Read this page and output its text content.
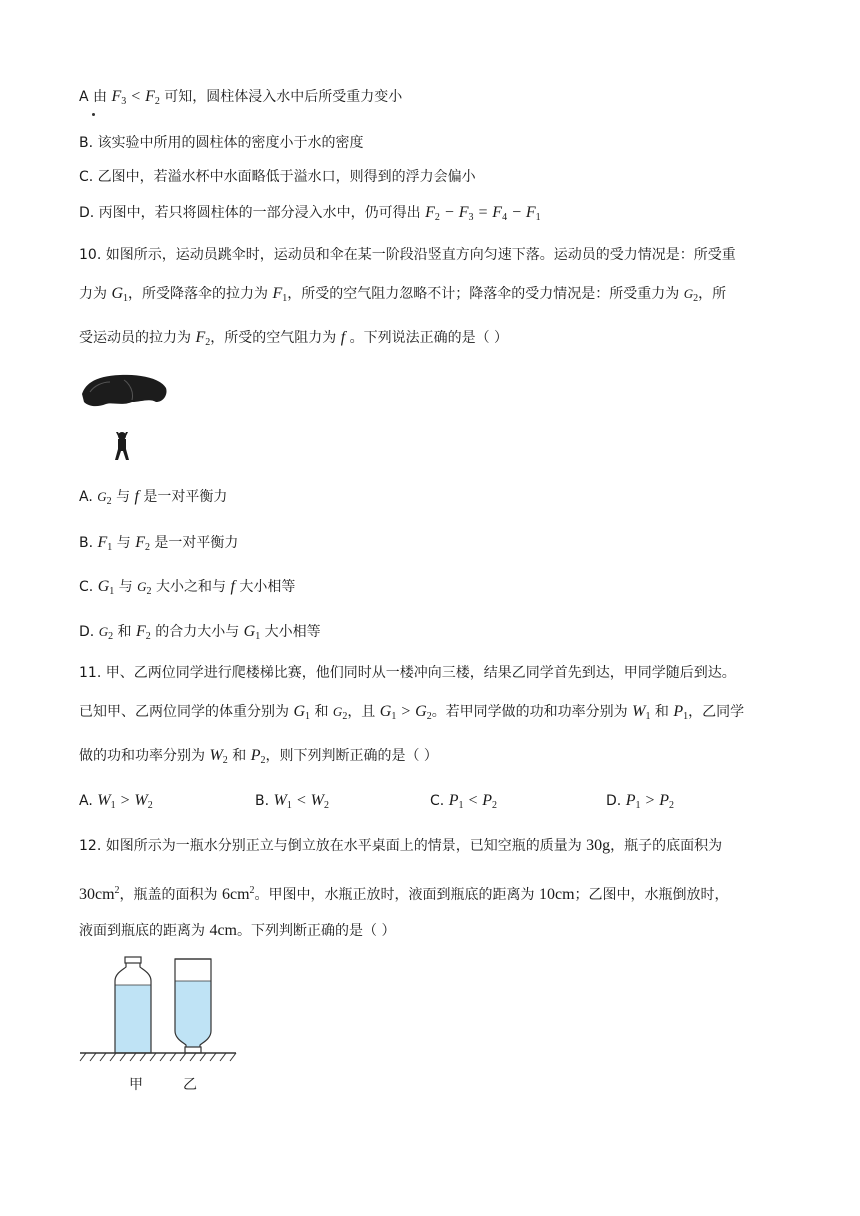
A 由 $F_3 < F_2$ 可知，圆柱体浸入水中后所受重力变小
B. 该实验中所用的圆柱体的密度小于水的密度
C. 乙图中，若溢水杯中水面略低于溢水口，则得到的浮力会偏小
D. 丙图中，若只将圆柱体的一部分浸入水中，仍可得出 $F_2 - F_3 = F_4 - F_1$
10. 如图所示，运动员跳伞时，运动员和伞在某一阶段沿竖直方向匀速下落。运动员的受力情况是：所受重
力为 $G_1$，所受降落伞的拉力为 $F_1$，所受的空气阻力忽略不计；降落伞的受力情况是：所受重力为 $G_2$，所
受运动员的拉力为 $F_2$，所受的空气阻力为 f 。下列说法正确的是（ ）
A. $G_2$ 与 f 是一对平衡力
B. $F_1$ 与 $F_2$ 是一对平衡力
C. $G_1$ 与 $G_2$ 大小之和与 f 大小相等
D. $G_2$ 和 $F_2$ 的合力大小与 $G_1$ 大小相等
11. 甲、乙两位同学进行爬楼梯比赛，他们同时从一楼冲向三楼，结果乙同学首先到达，甲同学随后到达。
已知甲、乙两位同学的体重分别为 $G_1$ 和 $G_2$，且 $G_1 > G_2$。若甲同学做的功和功率分别为 $W_1$ 和 $P_1$，乙同学
做的功和功率分别为 $W_2$ 和 $P_2$，则下列判断正确的是（ ）
A. $W_1 > W_2$	B. $W_1 < W_2$	C. $P_1 < P_2$	D. $P_1 > P_2$
12. 如图所示为一瓶水分别正立与倒立放在水平桌面上的情景，已知空瓶的质量为 30g，瓶子的底面积为
$30cm^2$，瓶盖的面积为 $6cm^2$。甲图中，水瓶正放时，液面到瓶底的距离为 10cm；乙图中，水瓶倒放时，
液面到瓶底的距离为 4cm。下列判断正确的是（ ）
甲	乙
